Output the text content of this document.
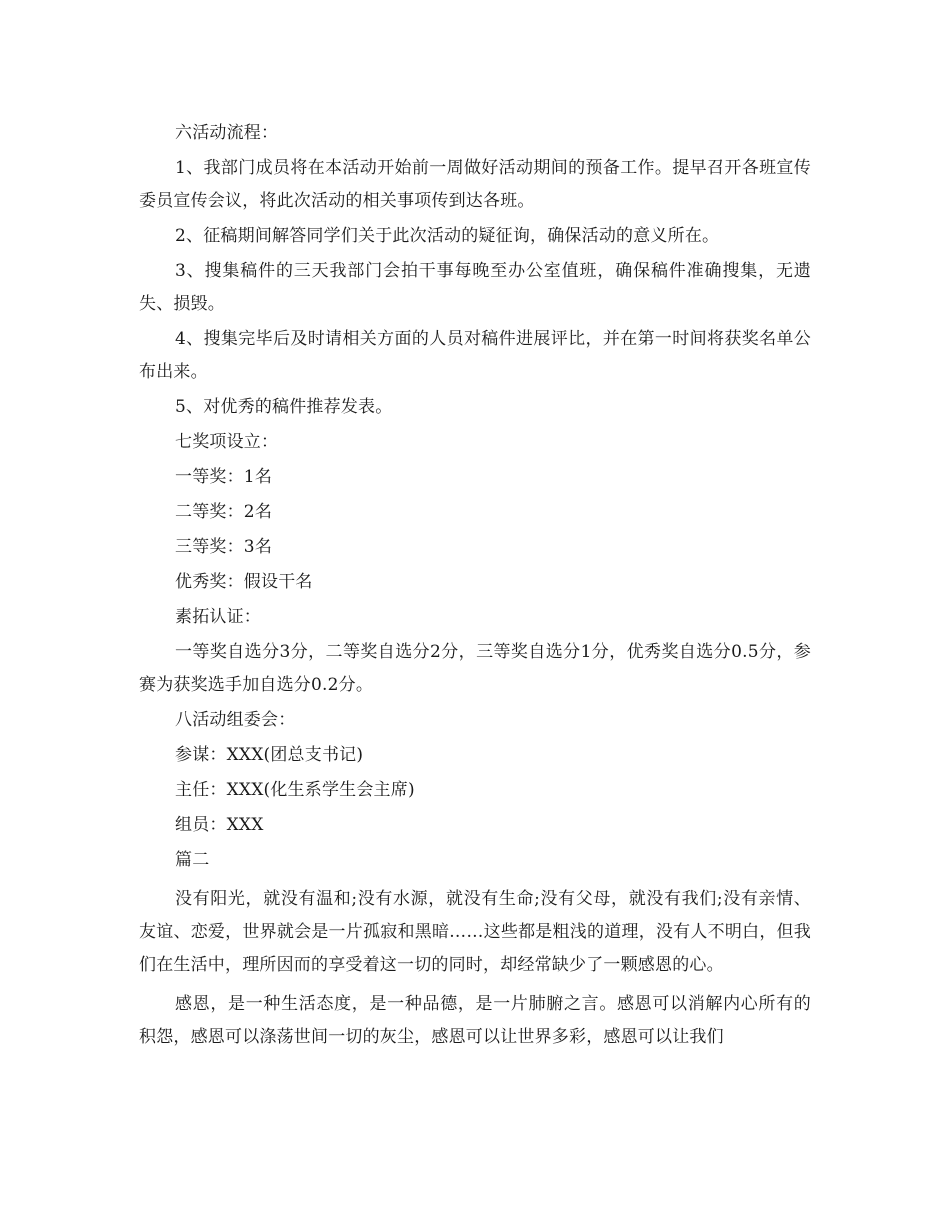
六活动流程：

1、我部门成员将在本活动开始前一周做好活动期间的预备工作。提早召开各班宣传委员宣传会议，将此次活动的相关事项传到达各班。

2、征稿期间解答同学们关于此次活动的疑征询，确保活动的意义所在。

3、搜集稿件的三天我部门会拍干事每晚至办公室值班，确保稿件准确搜集，无遗失、损毁。

4、搜集完毕后及时请相关方面的人员对稿件进展评比，并在第一时间将获奖名单公布出来。

5、对优秀的稿件推荐发表。

七奖项设立：

一等奖：1名

二等奖：2名

三等奖：3名

优秀奖：假设干名

素拓认证：

一等奖自选分3分，二等奖自选分2分，三等奖自选分1分，优秀奖自选分0.5分，参赛为获奖选手加自选分0.2分。

八活动组委会：

参谋：XXX(团总支书记)

主任：XXX(化生系学生会主席)

组员：XXX

篇二

没有阳光，就没有温和;没有水源，就没有生命;没有父母，就没有我们;没有亲情、友谊、恋爱，世界就会是一片孤寂和黑暗……这些都是粗浅的道理，没有人不明白，但我们在生活中，理所因而的享受着这一切的同时，却经常缺少了一颗感恩的心。

感恩，是一种生活态度，是一种品德，是一片肺腑之言。感恩可以消解内心所有的积怨，感恩可以涤荡世间一切的灰尘，感恩可以让世界多彩，感恩可以让我们
